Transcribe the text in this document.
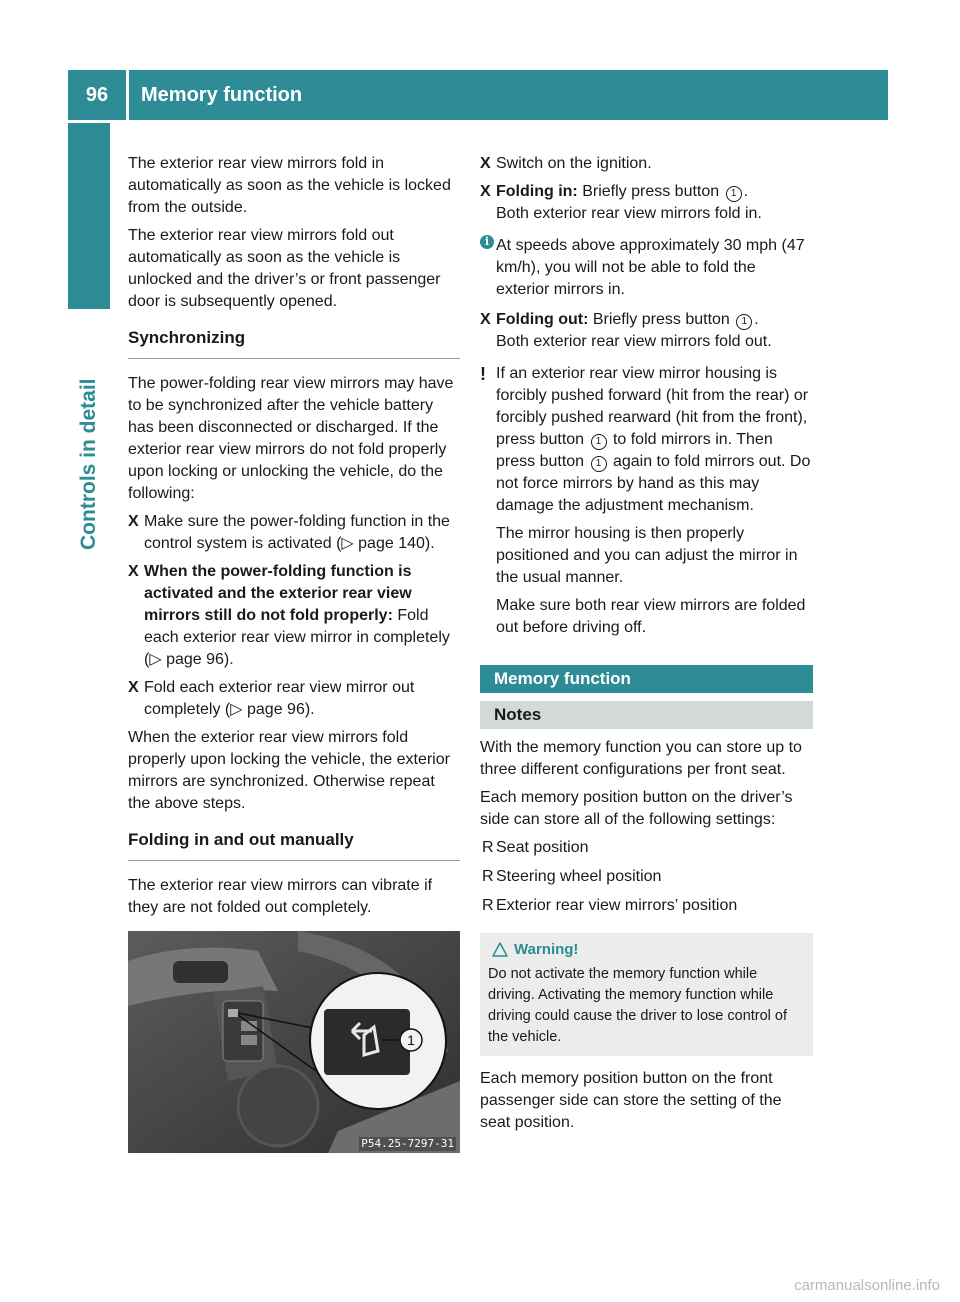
96	Memory function
Controls in detail

The exterior rear view mirrors fold in automatically as soon as the vehicle is locked from the outside.

The exterior rear view mirrors fold out automatically as soon as the vehicle is unlocked and the driver’s or front passenger door is subsequently opened.

Synchronizing

The power-folding rear view mirrors may have to be synchronized after the vehicle battery has been disconnected or discharged. If the exterior rear view mirrors do not fold properly upon locking or unlocking the vehicle, do the following:

X Make sure the power-folding function in the control system is activated (▷ page 140).
X When the power-folding function is activated and the exterior rear view mirrors still do not fold properly: Fold each exterior rear view mirror in completely (▷ page 96).
X Fold each exterior rear view mirror out completely (▷ page 96).

When the exterior rear view mirrors fold properly upon locking the vehicle, the exterior mirrors are synchronized. Otherwise repeat the above steps.

Folding in and out manually

The exterior rear view mirrors can vibrate if they are not folded out completely.

1
P54.25-7297-31
X Switch on the ignition.
X Folding in: Briefly press button 1 .
Both exterior rear view mirrors fold in.
i At speeds above approximately 30 mph (47 km/h), you will not be able to fold the exterior mirrors in.
X Folding out: Briefly press button 1 .
Both exterior rear view mirrors fold out.
! If an exterior rear view mirror housing is forcibly pushed forward (hit from the rear) or forcibly pushed rearward (hit from the front), press button 1 to fold mirrors in. Then press button 1 again to fold mirrors out. Do not force mirrors by hand as this may damage the adjustment mechanism.

The mirror housing is then properly positioned and you can adjust the mirror in the usual manner.

Make sure both rear view mirrors are folded out before driving off.

Memory function
Notes

With the memory function you can store up to three different configurations per front seat.

Each memory position button on the driver’s side can store all of the following settings:

R Seat position
R Steering wheel position
R Exterior rear view mirrors’ position
Warning!
Do not activate the memory function while driving. Activating the memory function while driving could cause the driver to lose control of the vehicle.

Each memory position button on the front passenger side can store the setting of the seat position.

carmanualsonline.info
